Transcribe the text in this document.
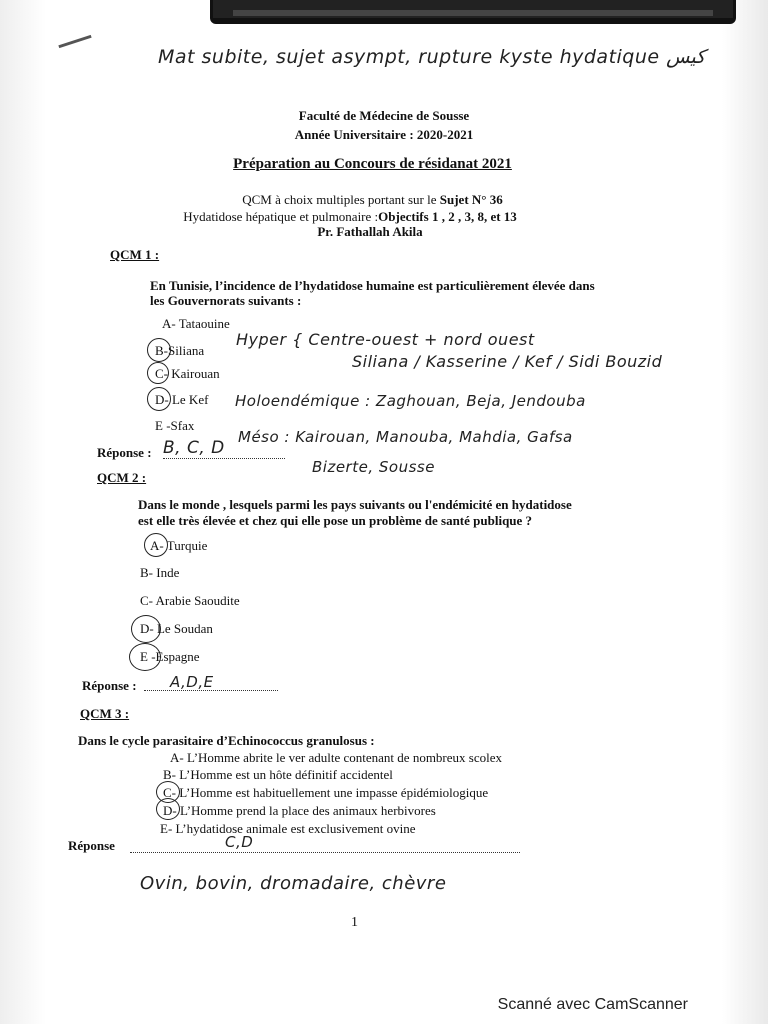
Mat subite, sujet asympt, rupture kyste hydatique كيس
Faculté de Médecine de Sousse
Année Universitaire : 2020-2021
Préparation au Concours de résidanat 2021
QCM à choix multiples portant sur le Sujet N° 36
Hydatidose hépatique et pulmonaire :Objectifs 1 , 2 , 3, 8, et 13
Pr. Fathallah Akila
QCM 1 :
En Tunisie, l’incidence de l’hydatidose humaine est particulièrement élevée dans
les Gouvernorats suivants :
A- Tataouine
B-Siliana
C- Kairouan
D- Le Kef
E -Sfax
Hyper { Centre-ouest + nord ouest
Siliana / Kasserine / Kef / Sidi Bouzid
Holoendémique : Zaghouan, Beja, Jendouba
Méso : Kairouan, Manouba, Mahdia, Gafsa
Bizerte, Sousse
Réponse : B, C, D
QCM 2 :
Dans le monde , lesquels parmi les pays suivants ou l'endémicité en hydatidose
est elle très élevée et chez qui elle pose un problème de santé publique ?
A- Turquie
B- Inde
C- Arabie Saoudite
D- Le Soudan
E -Espagne
Réponse : A,D,E
QCM 3 :
Dans le cycle parasitaire d’Echinococcus granulosus :
A- L’Homme abrite le ver adulte contenant de nombreux scolex
B- L’Homme est un hôte définitif accidentel
C- L’Homme est habituellement une impasse épidémiologique
D- L’Homme prend la place des animaux herbivores
E- L’hydatidose animale est exclusivement ovine
Réponse	C,D
Ovin, bovin, dromadaire, chèvre
1
Scanné avec CamScanner
